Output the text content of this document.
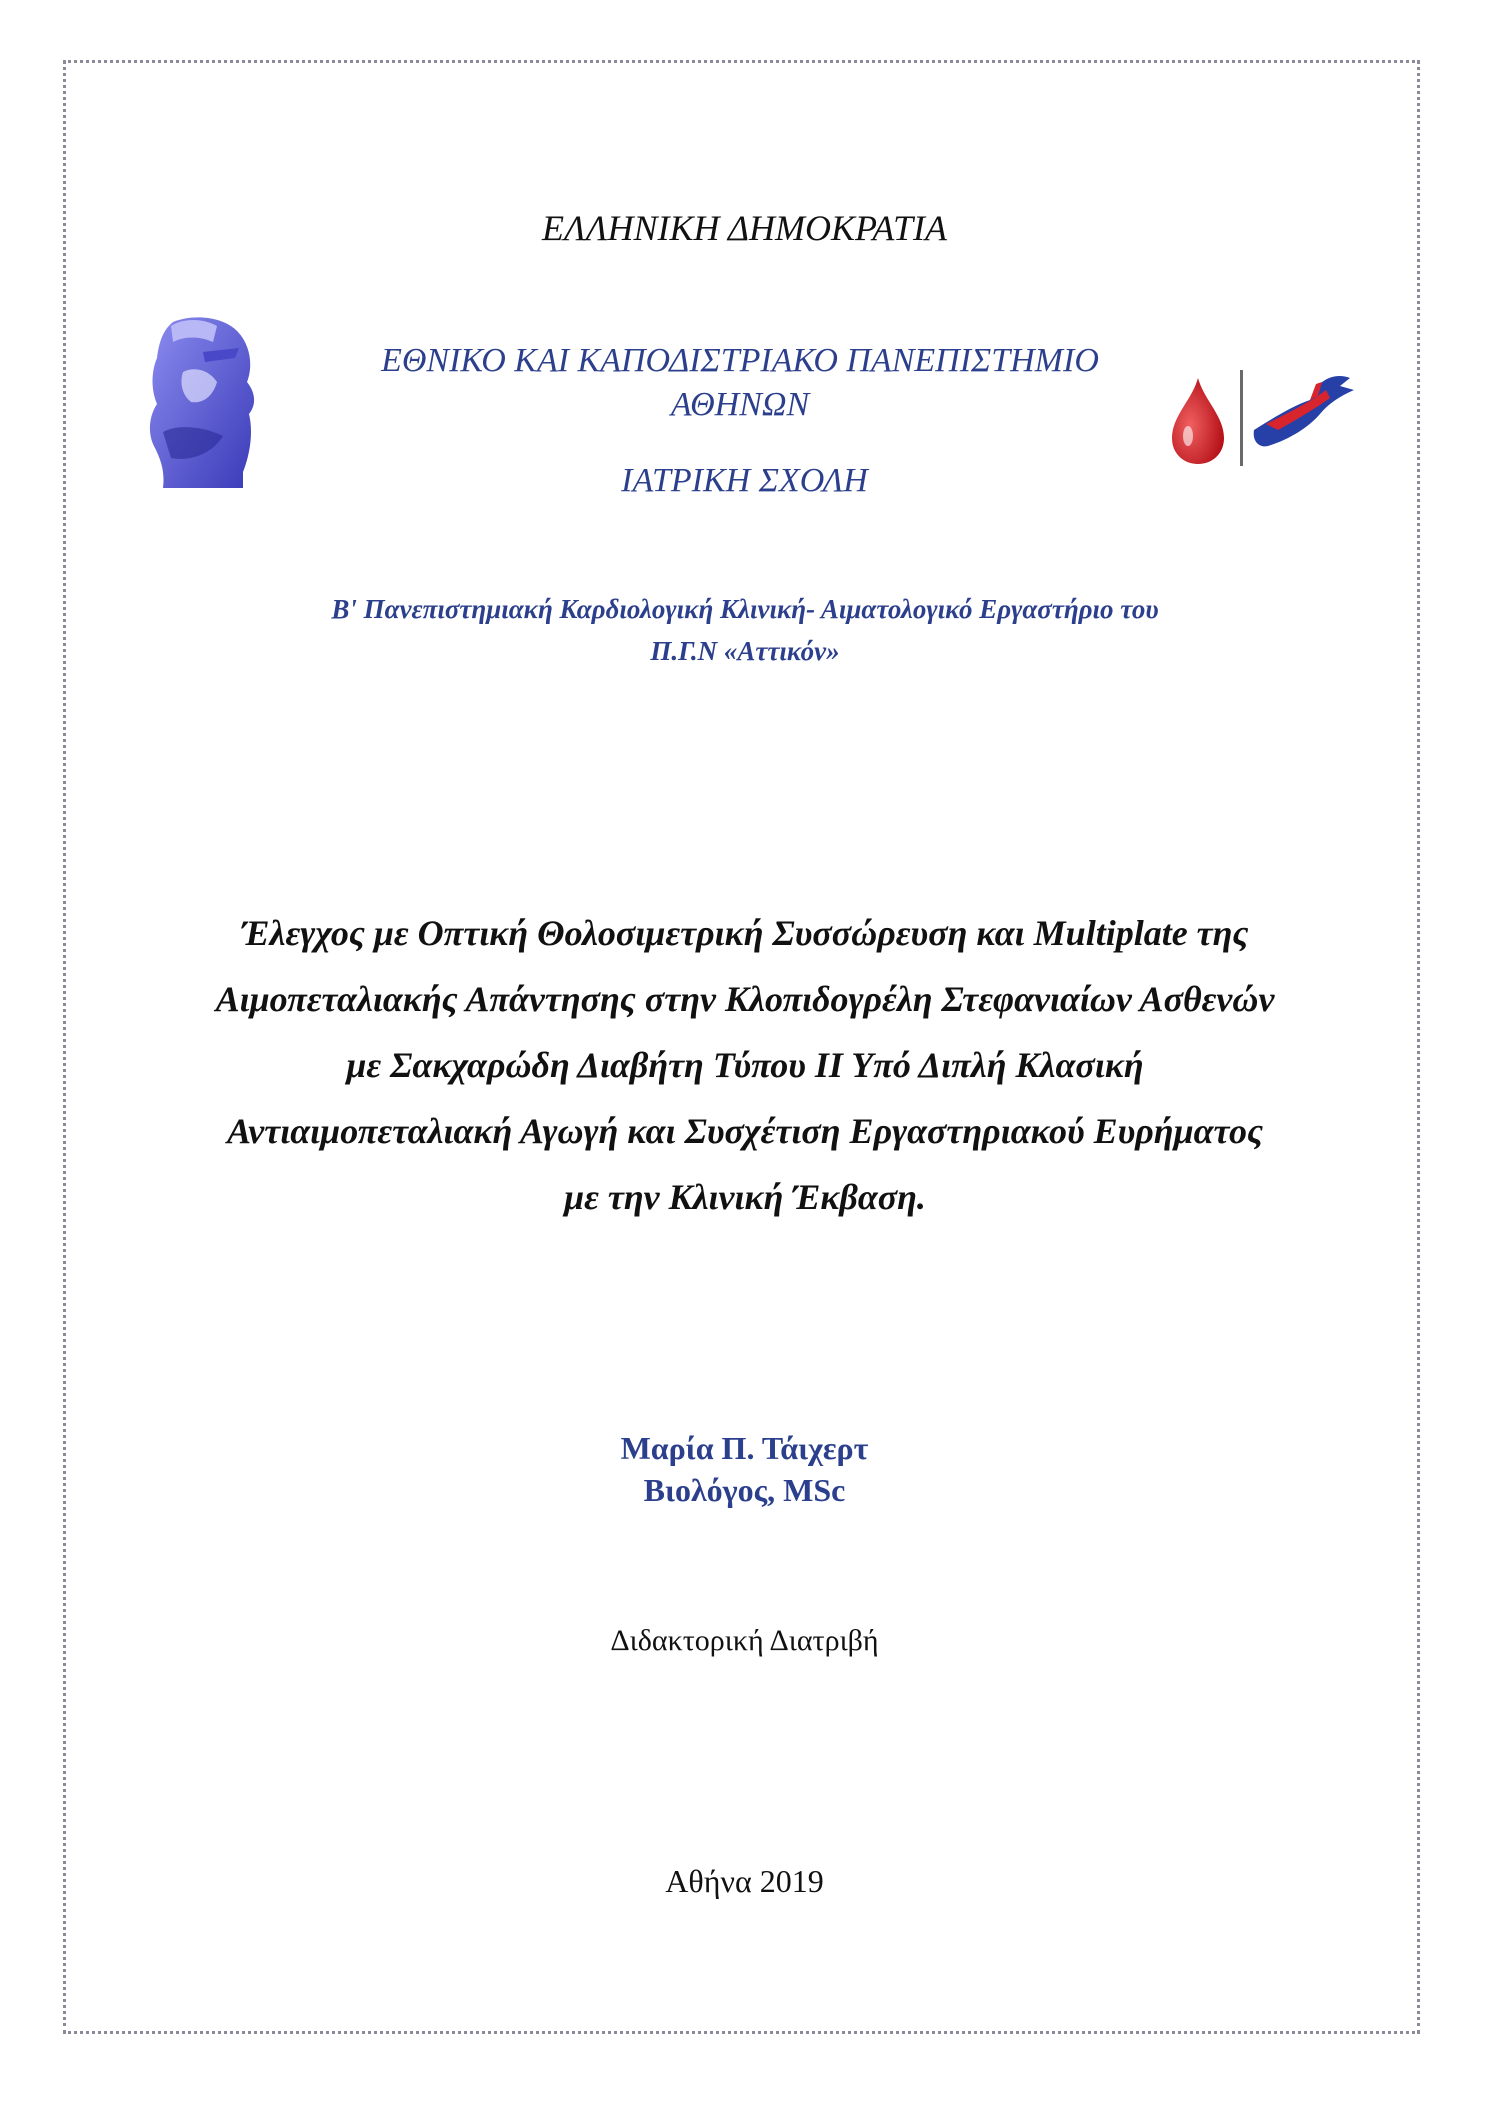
ΕΛΛΗΝΙΚΗ ΔΗΜΟΚΡΑΤΙΑ
ΕΘΝΙΚΟ ΚΑΙ ΚΑΠΟΔΙΣΤΡΙΑΚΟ ΠΑΝΕΠΙΣΤΗΜΙΟ
ΑΘΗΝΩΝ
ΙΑΤΡΙΚΗ ΣΧΟΛΗ
Β' Πανεπιστημιακή Καρδιολογική Κλινική- Αιματολογικό Εργαστήριο του
Π.Γ.Ν «Αττικόν»
Έλεγχος με Οπτική Θολοσιμετρική Συσσώρευση και Multiplate της
Αιμοπεταλιακής Απάντησης στην Κλοπιδογρέλη Στεφανιαίων Ασθενών
με Σακχαρώδη Διαβήτη Τύπου ΙΙ Υπό Διπλή Κλασική
Αντιαιμοπεταλιακή Αγωγή και Συσχέτιση Εργαστηριακού Ευρήματος
με την Κλινική Έκβαση.
Μαρία Π. Τάιχερτ
Βιολόγος, MSc
Διδακτορική Διατριβή
Αθήνα 2019
